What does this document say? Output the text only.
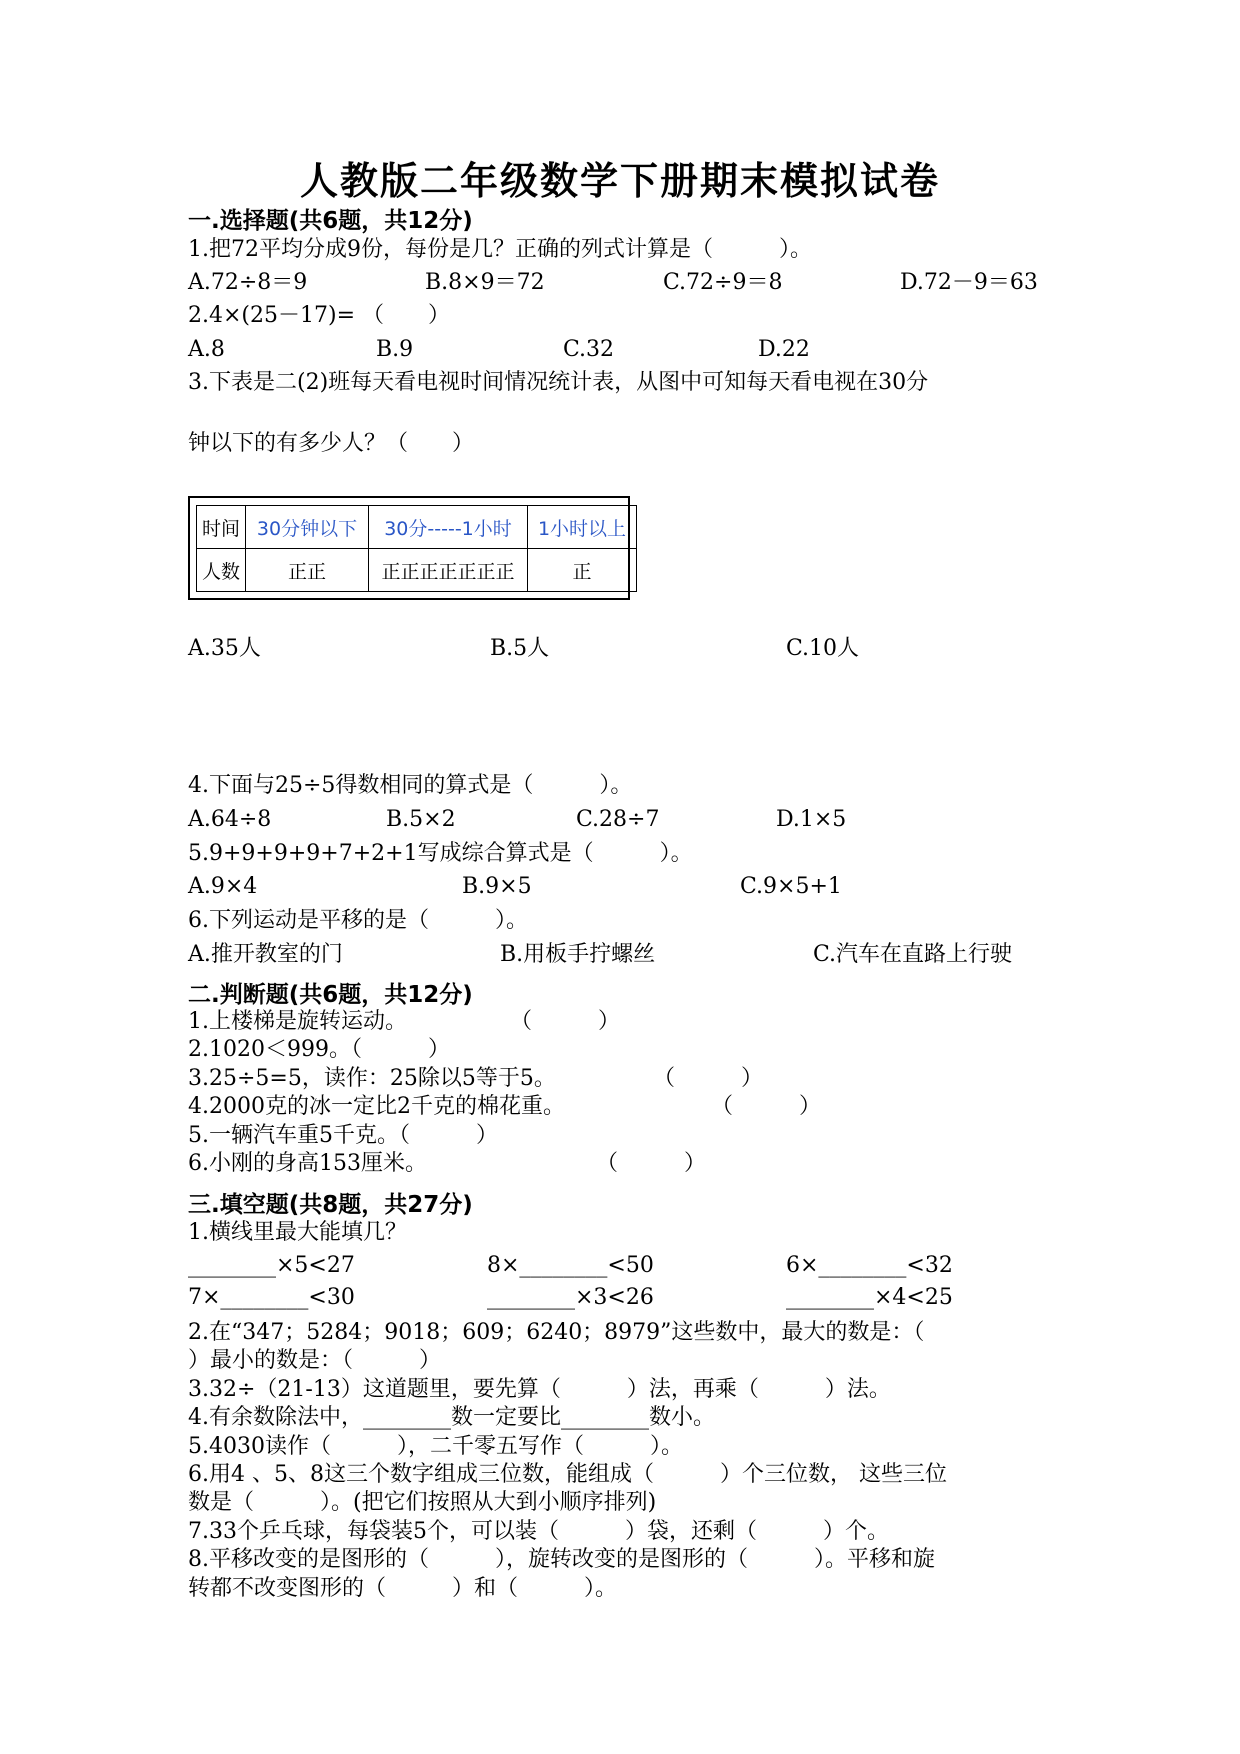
人教版二年级数学下册期末模拟试卷
一.选择题(共6题，共12分)
1.把72平均分成9份，每份是几？正确的列式计算是（　　　）。
A.72÷8＝9	B.8×9＝72	C.72÷9＝8	D.72－9＝63
2.4×(25－17)= （　　）
A.8	B.9	C.32	D.22
3.下表是二(2)班每天看电视时间情况统计表，从图中可知每天看电视在30分
钟以下的有多少人？（　　）
时间	30分钟以下	30分-----1小时	1小时以上
人数	正正	正正正正正正正	正
A.35人	B.5人	C.10人
4.下面与25÷5得数相同的算式是（　　　）。
A.64÷8	B.5×2	C.28÷7	D.1×5
5.9+9+9+9+7+2+1写成综合算式是（　　　）。
A.9×4	B.9×5	C.9×5+1
6.下列运动是平移的是（　　　）。
A.推开教室的门	B.用板手拧螺丝	C.汽车在直路上行驶
二.判断题(共6题，共12分)
1.上楼梯是旋转运动。	（　　　）
2.1020＜999。（　　　）
3.25÷5=5，读作：25除以5等于5。	（　　　）
4.2000克的冰一定比2千克的棉花重。	（　　　）
5.一辆汽车重5千克。（　　　）
6.小刚的身高153厘米。	（　　　）
三.填空题(共8题，共27分)
1.横线里最大能填几？
________×5<27	8×________<50	6×________<32
7×________<30	________×3<26	________×4<25
2.在“347；5284；9018；609；6240；8979”这些数中，最大的数是：（
）最小的数是：（　　　）
3.32÷（21-13）这道题里，要先算（　　　）法，再乘（　　　）法。
4.有余数除法中，________数一定要比________数小。
5.4030读作（　　　），二千零五写作（　　　）。
6.用4 、5、8这三个数字组成三位数，能组成（　　　）个三位数， 这些三位
数是（　　　）。(把它们按照从大到小顺序排列)
7.33个乒乓球，每袋装5个，可以装（　　　）袋，还剩（　　　）个。
8.平移改变的是图形的（　　　），旋转改变的是图形的（　　　）。平移和旋
转都不改变图形的（　　　）和（　　　）。
